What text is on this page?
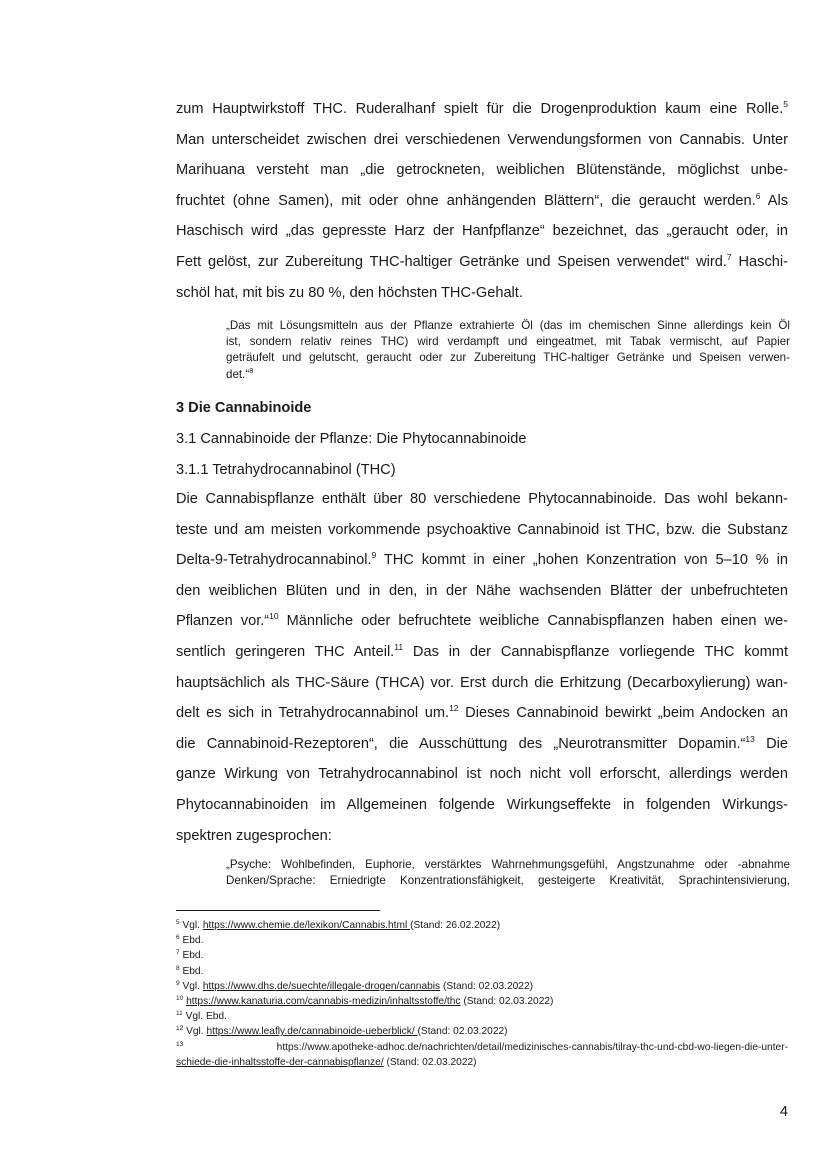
zum Hauptwirkstoff THC. Ruderalhanf spielt für die Drogenproduktion kaum eine Rolle.$^5$
Man unterscheidet zwischen drei verschiedenen Verwendungsformen von Cannabis. Unter
Marihuana versteht man „die getrockneten, weiblichen Blütenstände, möglichst unbe-
fruchtet (ohne Samen), mit oder ohne anhängenden Blättern“, die geraucht werden.$^6$ Als
Haschisch wird „das gepresste Harz der Hanfpflanze“ bezeichnet, das „geraucht oder, in
Fett gelöst, zur Zubereitung THC-haltiger Getränke und Speisen verwendet“ wird.$^7$ Haschi-
schöl hat, mit bis zu 80 %, den höchsten THC-Gehalt.
„Das mit Lösungsmitteln aus der Pflanze extrahierte Öl (das im chemischen Sinne allerdings kein Öl
ist, sondern relativ reines THC) wird verdampft und eingeatmet, mit Tabak vermischt, auf Papier
geträufelt und gelutscht, geraucht oder zur Zubereitung THC-haltiger Getränke und Speisen verwen-
det.“$^8$
3 Die Cannabinoide
3.1 Cannabinoide der Pflanze: Die Phytocannabinoide
3.1.1 Tetrahydrocannabinol (THC)
Die Cannabispflanze enthält über 80 verschiedene Phytocannabinoide. Das wohl bekann-
teste und am meisten vorkommende psychoaktive Cannabinoid ist THC, bzw. die Substanz
Delta-9-Tetrahydrocannabinol.$^9$ THC kommt in einer „hohen Konzentration von 5–10 % in
den weiblichen Blüten und in den, in der Nähe wachsenden Blätter der unbefruchteten
Pflanzen vor.“$^{10}$ Männliche oder befruchtete weibliche Cannabispflanzen haben einen we-
sentlich geringeren THC Anteil.$^{11}$ Das in der Cannabispflanze vorliegende THC kommt
hauptsächlich als THC-Säure (THCA) vor. Erst durch die Erhitzung (Decarboxylierung) wan-
delt es sich in Tetrahydrocannabinol um.$^{12}$ Dieses Cannabinoid bewirkt „beim Andocken an
die Cannabinoid-Rezeptoren“, die Ausschüttung des „Neurotransmitter Dopamin.“$^{13}$ Die
ganze Wirkung von Tetrahydrocannabinol ist noch nicht voll erforscht, allerdings werden
Phytocannabinoiden im Allgemeinen folgende Wirkungseffekte in folgenden Wirkungs-
spektren zugesprochen:
„Psyche: Wohlbefinden, Euphorie, verstärktes Wahrnehmungsgefühl, Angstzunahme oder -abnahme
Denken/Sprache: Erniedrigte Konzentrationsfähigkeit, gesteigerte Kreativität, Sprachintensivierung,
$^5$ Vgl. https://www.chemie.de/lexikon/Cannabis.html (Stand: 26.02.2022)
$^6$ Ebd.
$^7$ Ebd.
$^8$ Ebd.
$^9$ Vgl. https://www.dhs.de/suechte/illegale-drogen/cannabis (Stand: 02.03.2022)
$^{10}$ https://www.kanaturia.com/cannabis-medizin/inhaltsstoffe/thc (Stand: 02.03.2022)
$^{11}$ Vgl. Ebd.
$^{12}$ Vgl. https://www.leafly.de/cannabinoide-ueberblick/ (Stand: 02.03.2022)
$^{13}$	https://www.apotheke-adhoc.de/nachrichten/detail/medizinisches-cannabis/tilray-thc-und-cbd-wo-liegen-die-unter-
schiede-die-inhaltsstoffe-der-cannabispflanze/ (Stand: 02.03.2022)
4
